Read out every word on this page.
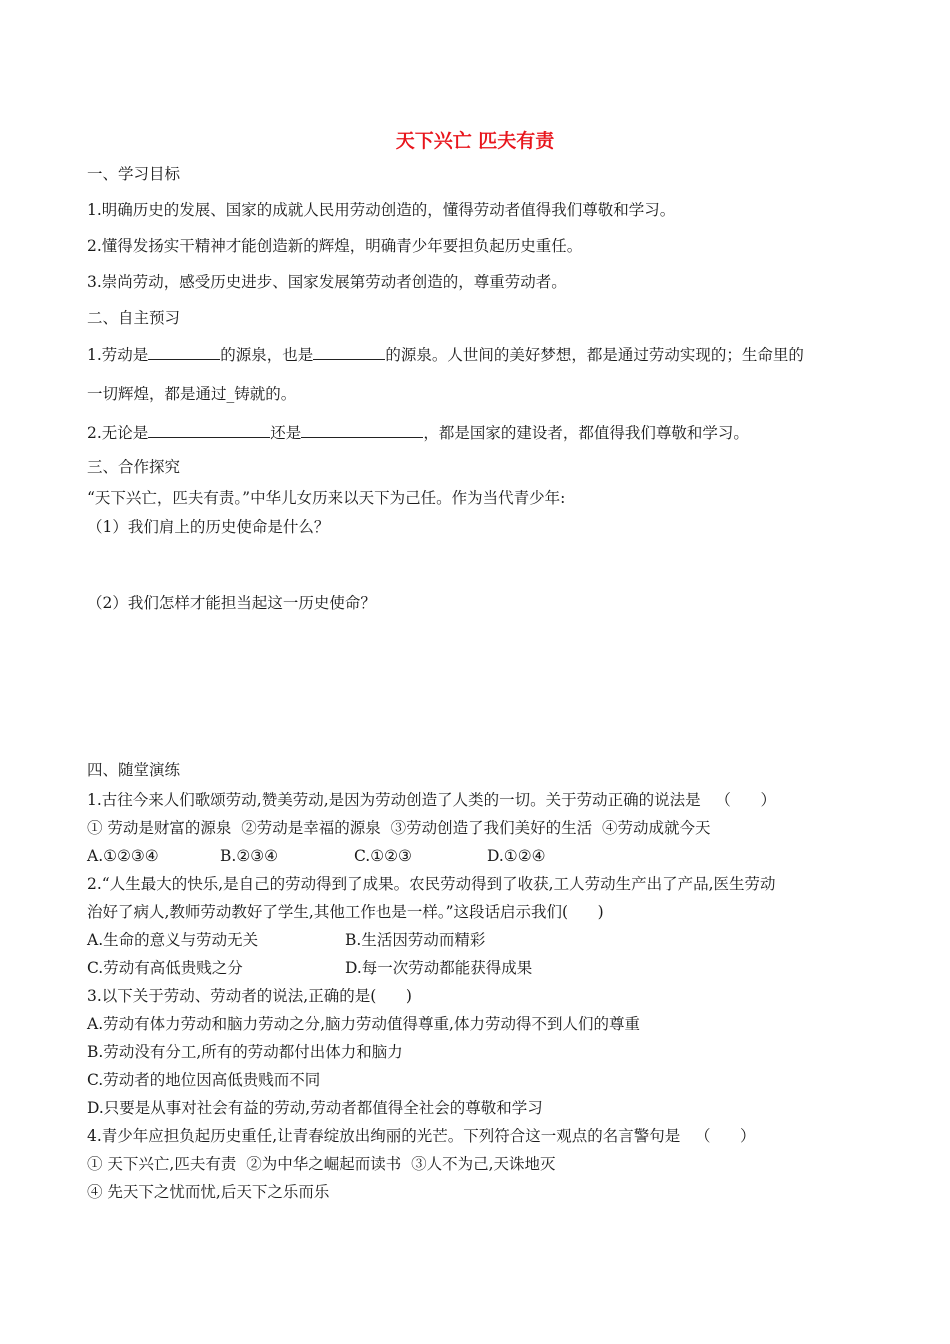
天下兴亡 匹夫有责
一、学习目标
1.明确历史的发展、国家的成就人民用劳动创造的，懂得劳动者值得我们尊敬和学习。
2.懂得发扬实干精神才能创造新的辉煌，明确青少年要担负起历史重任。
3.崇尚劳动，感受历史进步、国家发展第劳动者创造的，尊重劳动者。
二、自主预习
1.劳动是	的源泉，也是	的源泉。人世间的美好梦想，都是通过劳动实现的；生命里的
一切辉煌，都是通过_铸就的。
2.无论是	还是	，都是国家的建设者，都值得我们尊敬和学习。
三、合作探究
“天下兴亡，匹夫有责。”中华儿女历来以天下为己任。作为当代青少年:
（1）我们肩上的历史使命是什么？
（2）我们怎样才能担当起这一历史使命？
四、随堂演练
1.古往今来人们歌颂劳动,赞美劳动,是因为劳动创造了人类的一切。关于劳动正确的说法是   （      ）
① 劳动是财富的源泉  ②劳动是幸福的源泉  ③劳动创造了我们美好的生活  ④劳动成就今天
A.①②③④	B.②③④	C.①②③	D.①②④
2.“人生最大的快乐,是自己的劳动得到了成果。农民劳动得到了收获,工人劳动生产出了产品,医生劳动
治好了病人,教师劳动教好了学生,其他工作也是一样。”这段话启示我们(      )
A.生命的意义与劳动无关	B.生活因劳动而精彩
C.劳动有高低贵贱之分	D.每一次劳动都能获得成果
3.以下关于劳动、劳动者的说法,正确的是(      )
A.劳动有体力劳动和脑力劳动之分,脑力劳动值得尊重,体力劳动得不到人们的尊重
B.劳动没有分工,所有的劳动都付出体力和脑力
C.劳动者的地位因高低贵贱而不同
D.只要是从事对社会有益的劳动,劳动者都值得全社会的尊敬和学习
4.青少年应担负起历史重任,让青春绽放出绚丽的光芒。下列符合这一观点的名言警句是   （      ）
① 天下兴亡,匹夫有责  ②为中华之崛起而读书  ③人不为己,天诛地灭
④ 先天下之忧而忧,后天下之乐而乐
